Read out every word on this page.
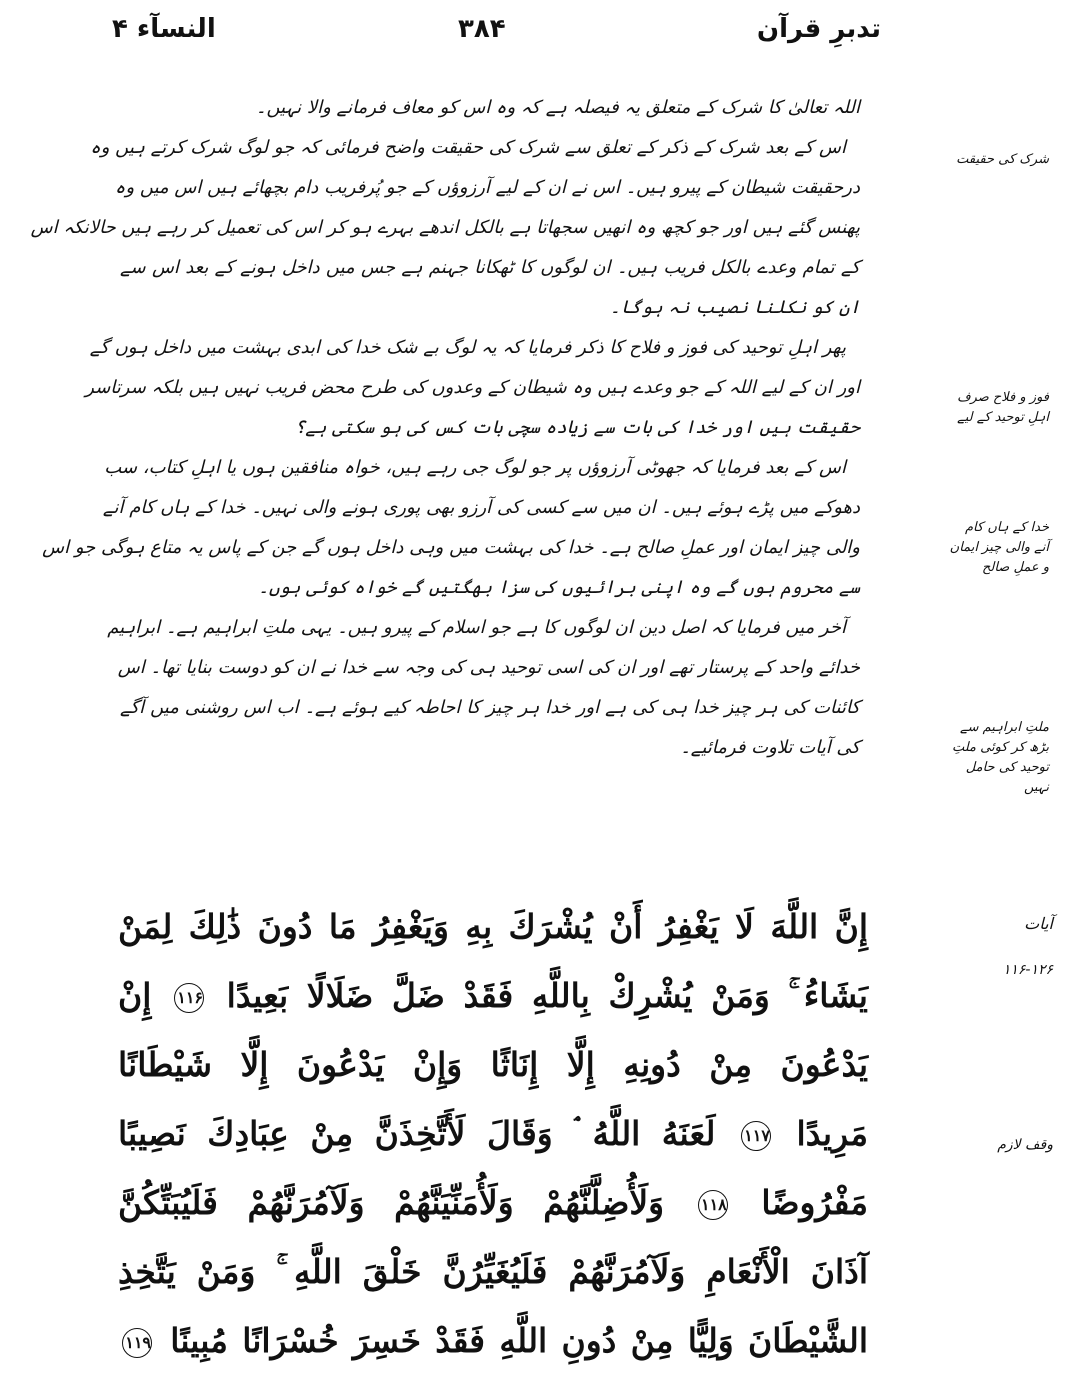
النسآء ۴	۳۸۴	تدبرِ قرآن
اللہ تعالیٰ کا شرک کے متعلق یہ فیصلہ ہے کہ وہ اس کو معاف فرمانے والا نہیں۔
اس کے بعد شرک کے ذکر کے تعلق سے شرک کی حقیقت واضح فرمائی کہ جو لوگ شرک کرتے ہیں وہ
درحقیقت شیطان کے پیرو ہیں۔ اس نے ان کے لیے آرزوؤں کے جو پُرفریب دام بچھائے ہیں اس میں وہ
پھنس گئے ہیں اور جو کچھ وہ انھیں سجھاتا ہے بالکل اندھے بہرے ہو کر اس کی تعمیل کر رہے ہیں حالانکہ اس
کے تمام وعدے بالکل فریب ہیں۔ ان لوگوں کا ٹھکانا جہنم ہے جس میں داخل ہونے کے بعد اس سے
ان کو نکلنا نصیب نہ ہوگا۔
پھر اہلِ توحید کی فوز و فلاح کا ذکر فرمایا کہ یہ لوگ بے شک خدا کی ابدی بہشت میں داخل ہوں گے
اور ان کے لیے اللہ کے جو وعدے ہیں وہ شیطان کے وعدوں کی طرح محض فریب نہیں ہیں بلکہ سرتاسر
حقیقت ہیں اور خدا کی بات سے زیادہ سچی بات کس کی ہو سکتی ہے؟
اس کے بعد فرمایا کہ جھوٹی آرزوؤں پر جو لوگ جی رہے ہیں، خواہ منافقین ہوں یا اہلِ کتاب، سب
دھوکے میں پڑے ہوئے ہیں۔ ان میں سے کسی کی آرزو بھی پوری ہونے والی نہیں۔ خدا کے ہاں کام آنے
والی چیز ایمان اور عملِ صالح ہے۔ خدا کی بہشت میں وہی داخل ہوں گے جن کے پاس یہ متاع ہوگی جو اس
سے محروم ہوں گے وہ اپنی برائیوں کی سزا بھگتیں گے خواہ کوئی ہوں۔
آخر میں فرمایا کہ اصل دین ان لوگوں کا ہے جو اسلام کے پیرو ہیں۔ یہی ملتِ ابراہیم ہے۔ ابراہیم
خدائے واحد کے پرستار تھے اور ان کی اسی توحید ہی کی وجہ سے خدا نے ان کو دوست بنایا تھا۔ اس
کائنات کی ہر چیز خدا ہی کی ہے اور خدا ہر چیز کا احاطہ کیے ہوئے ہے۔ اب اس روشنی میں آگے
کی آیات تلاوت فرمائیے۔
شرک کی حقیقت
فوز و فلاح صرف اہلِ توحید کے لیے
خدا کے ہاں کام آنے والی چیز ایمان و عملِ صالح
ملتِ ابراہیم سے بڑھ کر کوئی ملتِ توحید کی حامل نہیں
إِنَّ اللَّهَ لَا يَغْفِرُ أَنْ يُشْرَكَ بِهِ وَيَغْفِرُ مَا دُونَ ذَٰلِكَ لِمَنْ
يَشَاءُ ۚ وَمَنْ يُشْرِكْ بِاللَّهِ فَقَدْ ضَلَّ ضَلَالًا بَعِيدًا ۱۱۶ إِنْ
يَدْعُونَ مِنْ دُونِهِ إِلَّا إِنَاثًا وَإِنْ يَدْعُونَ إِلَّا شَيْطَانًا
مَرِيدًا ۱۱۷ لَعَنَهُ اللَّهُ ۘ وَقَالَ لَأَتَّخِذَنَّ مِنْ عِبَادِكَ نَصِيبًا
مَفْرُوضًا ۱۱۸ وَلَأُضِلَّنَّهُمْ وَلَأُمَنِّيَنَّهُمْ وَلَآمُرَنَّهُمْ فَلَيُبَتِّكُنَّ
آذَانَ الْأَنْعَامِ وَلَآمُرَنَّهُمْ فَلَيُغَيِّرُنَّ خَلْقَ اللَّهِ ۚ وَمَنْ يَتَّخِذِ
الشَّيْطَانَ وَلِيًّا مِنْ دُونِ اللَّهِ فَقَدْ خَسِرَ خُسْرَانًا مُبِينًا ۱۱۹
آیات
۱۱۶-۱۲۶
وقف لازم
